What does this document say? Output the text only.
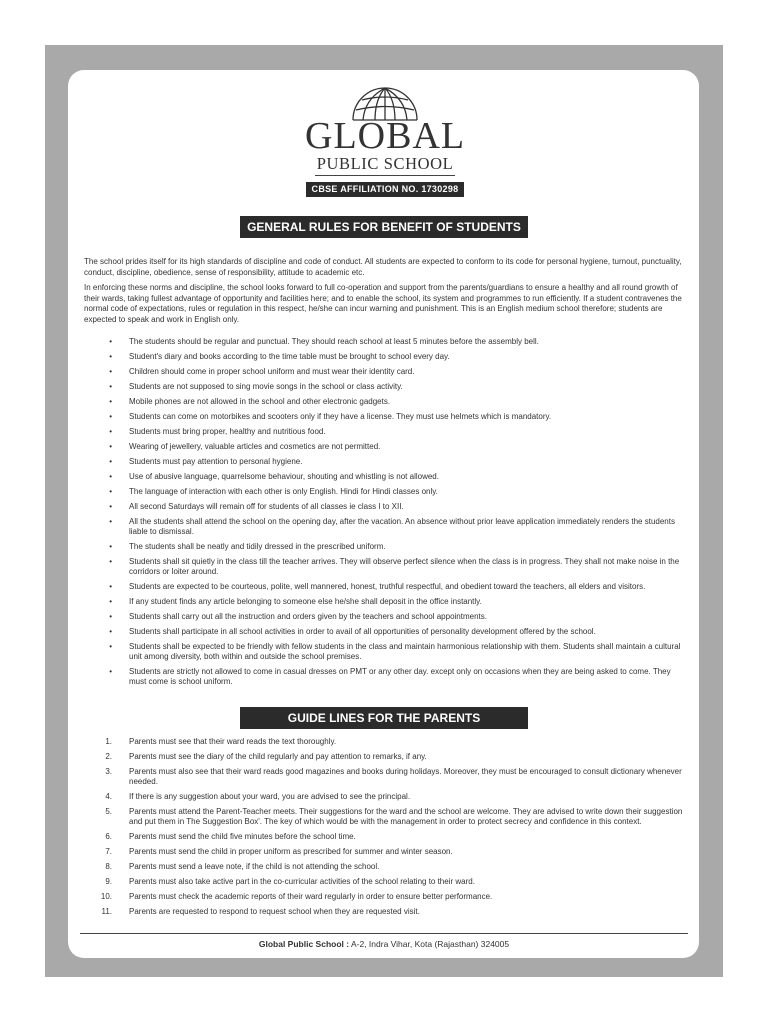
GLOBAL
PUBLIC SCHOOL
CBSE AFFILIATION NO. 1730298
GENERAL RULES FOR BENEFIT OF STUDENTS

The school prides itself for its high standards of discipline and code of conduct. All students are expected to conform to its code for personal hygiene, turnout, punctuality, conduct, discipline, obedience, sense of responsibility, attitude to academic etc.

In enforcing these norms and discipline, the school looks forward to full co-operation and support from the parents/guardians to ensure a healthy and all round growth of their wards, taking fullest advantage of opportunity and facilities here; and to enable the school, its system and programmes to run efficiently. If a student contravenes the normal code of expectations, rules or regulation in this respect, he/she can incur warning and punishment. This is an English medium school therefore; students are expected to speak and work in English only.

• The students should be regular and punctual. They should reach school at least 5 minutes before the assembly bell.
• Student's diary and books according to the time table must be brought to school every day.
• Children should come in proper school uniform and must wear their identity card.
• Students are not supposed to sing movie songs in the school or class activity.
• Mobile phones are not allowed in the school and other electronic gadgets.
• Students can come on motorbikes and scooters only if they have a license. They must use helmets which is mandatory.
• Students must bring proper, healthy and nutritious food.
• Wearing of jewellery, valuable articles and cosmetics are not permitted.
• Students must pay attention to personal hygiene.
• Use of abusive language, quarrelsome behaviour, shouting and whistling is not allowed.
• The language of interaction with each other is only English. Hindi for Hindi classes only.
• All second Saturdays will remain off for students of all classes ie class I to XII.
• All the students shall attend the school on the opening day, after the vacation. An absence without prior leave application immediately renders the students liable to dismissal.
• The students shall be neatly and tidily dressed in the prescribed uniform.
• Students shall sit quietly in the class till the teacher arrives. They will observe perfect silence when the class is in progress. They shall not make noise in the corridors or loiter around.
• Students are expected to be courteous, polite, well mannered, honest, truthful respectful, and obedient toward the teachers, all elders and visitors.
• If any student finds any article belonging to someone else he/she shall deposit in the office instantly.
• Students shall carry out all the instruction and orders given by the teachers and school appointments.
• Students shall participate in all school activities in order to avail of all opportunities of personality development offered by the school.
• Students shall be expected to be friendly with fellow students in the class and maintain harmonious relationship with them. Students shall maintain a cultural unit among diversity, both within and outside the school premises.
• Students are strictly not allowed to come in casual dresses on PMT or any other day. except only on occasions when they are being asked to come. They must come is school uniform.
GUIDE LINES FOR THE PARENTS
1. Parents must see that their ward reads the text thoroughly.
2. Parents must see the diary of the child regularly and pay attention to remarks, if any.
3. Parents must also see that their ward reads good magazines and books during holidays. Moreover, they must be encouraged to consult dictionary whenever needed.
4. If there is any suggestion about your ward, you are advised to see the principal.
5. Parents must attend the Parent-Teacher meets. Their suggestions for the ward and the school are welcome. They are advised to write down their suggestion and put them in The Suggestion Box'. The key of which would be with the management in order to protect secrecy and confidence in this context.
6. Parents must send the child five minutes before the school time.
7. Parents must send the child in proper uniform as prescribed for summer and winter season.
8. Parents must send a leave note, if the child is not attending the school.
9. Parents must also take active part in the co-curricular activities of the school relating to their ward.
10. Parents must check the academic reports of their ward regularly in order to ensure better performance.
11. Parents are requested to respond to request school when they are requested visit.
Global Public School : A-2, Indra Vihar, Kota (Rajasthan) 324005
